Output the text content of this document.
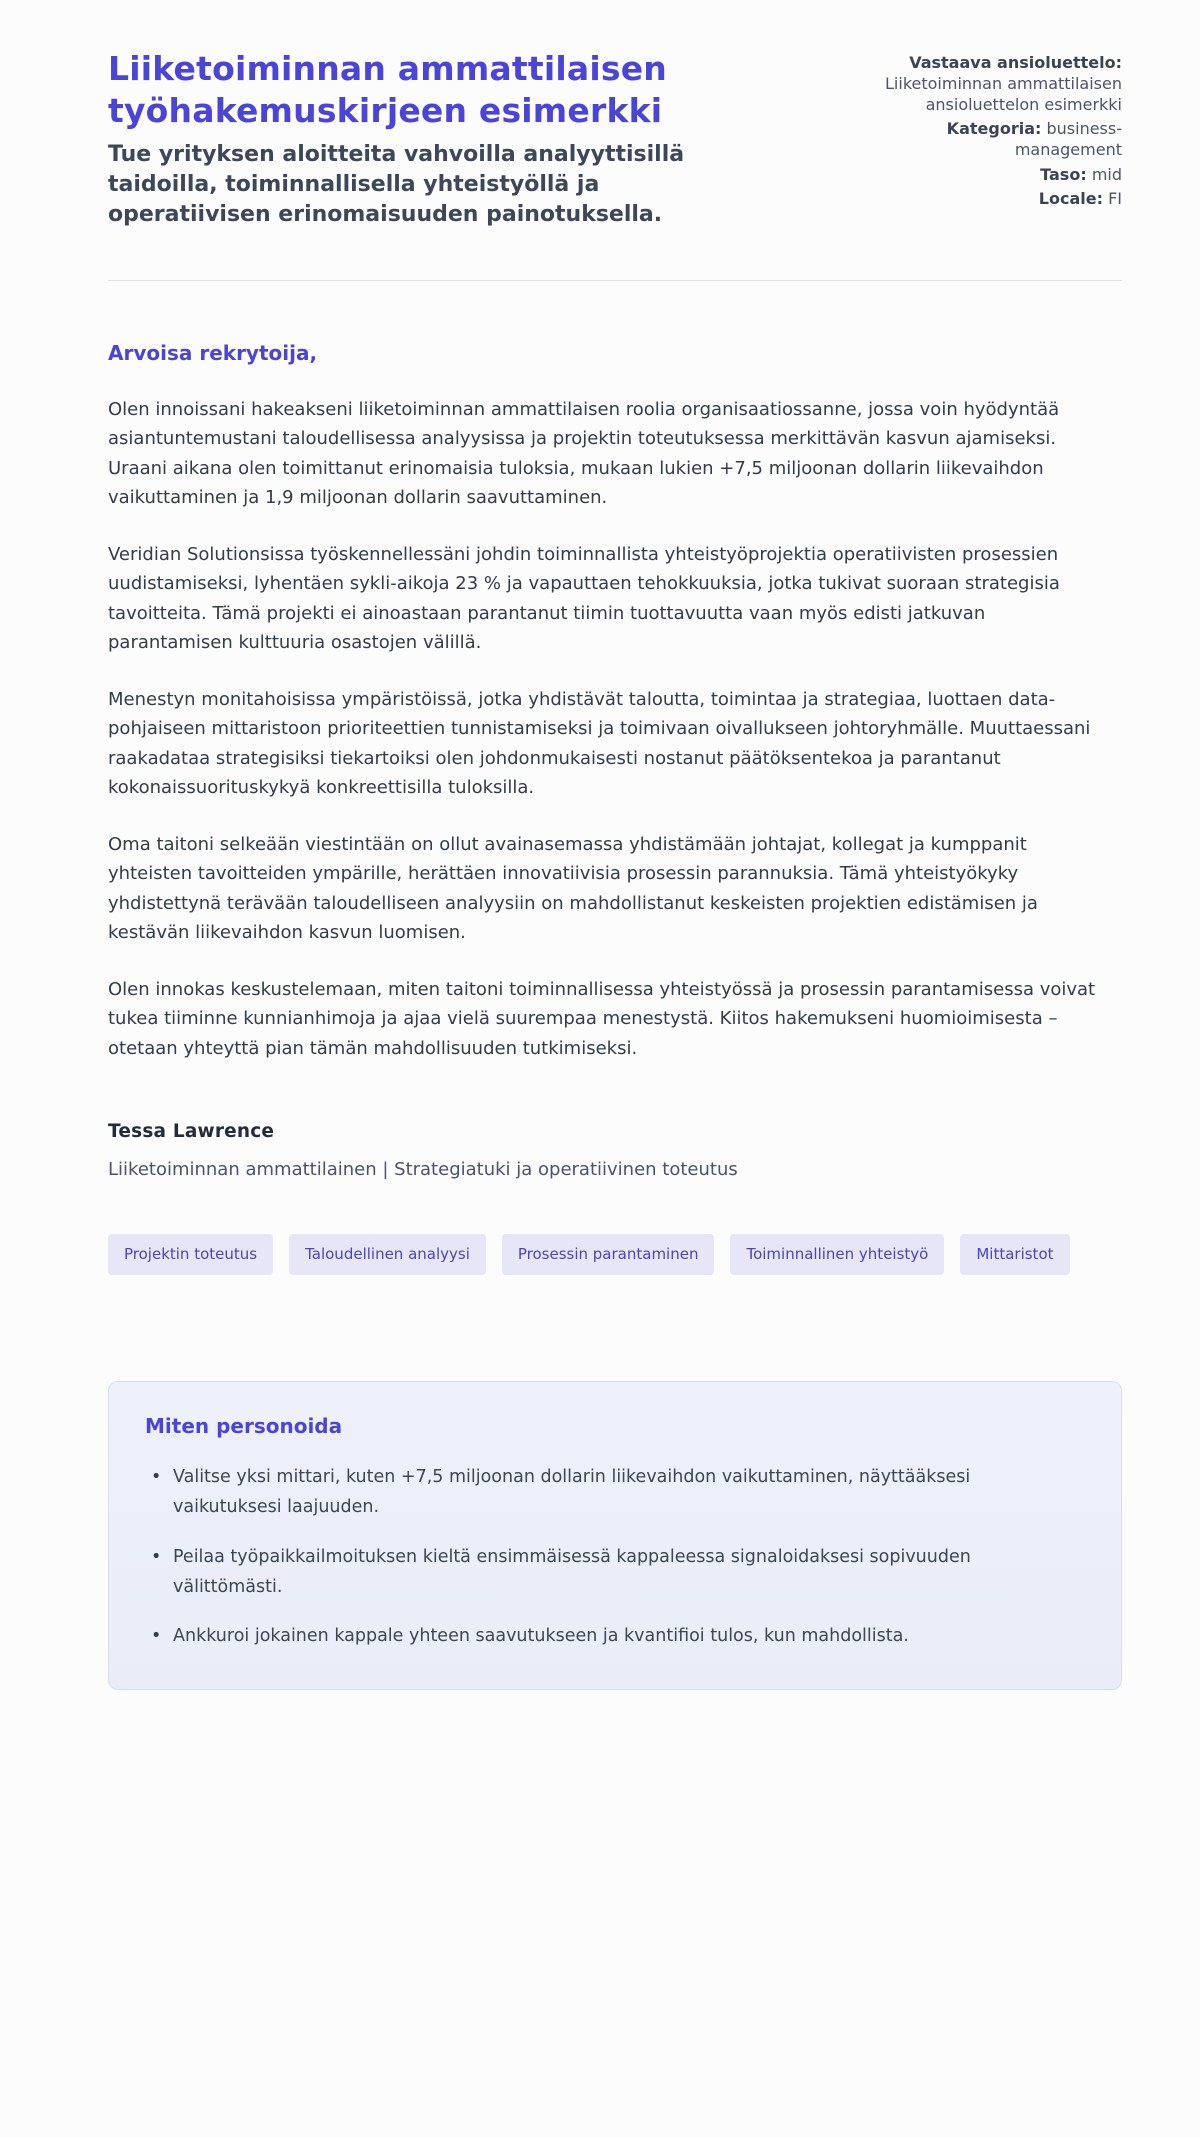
Liiketoiminnan ammattilaisen työhakemuskirjeen esimerkki

Tue yrityksen aloitteita vahvoilla analyyttisillä taidoilla, toiminnallisella yhteistyöllä ja operatiivisen erinomaisuuden painotuksella.

Vastaava ansioluettelo: Liiketoiminnan ammattilaisen ansioluettelon esimerkki
Kategoria: business-management
Taso: mid
Locale: FI

Arvoisa rekrytoija,

Olen innoissani hakeakseni liiketoiminnan ammattilaisen roolia organisaatiossanne, jossa voin hyödyntää asiantuntemustani taloudellisessa analyysissa ja projektin toteutuksessa merkittävän kasvun ajamiseksi. Uraani aikana olen toimittanut erinomaisia tuloksia, mukaan lukien +7,5 miljoonan dollarin liikevaihdon vaikuttaminen ja 1,9 miljoonan dollarin saavuttaminen.

Veridian Solutionsissa työskennellessäni johdin toiminnallista yhteistyöprojektia operatiivisten prosessien uudistamiseksi, lyhentäen sykli-aikoja 23 % ja vapauttaen tehokkuuksia, jotka tukivat suoraan strategisia tavoitteita. Tämä projekti ei ainoastaan parantanut tiimin tuottavuutta vaan myös edisti jatkuvan parantamisen kulttuuria osastojen välillä.

Menestyn monitahoisissa ympäristöissä, jotka yhdistävät taloutta, toimintaa ja strategiaa, luottaen data-pohjaiseen mittaristoon prioriteettien tunnistamiseksi ja toimivaan oivallukseen johtoryhmälle. Muuttaessani raakadataa strategisiksi tiekartoiksi olen johdonmukaisesti nostanut päätöksentekoa ja parantanut kokonaissuorituskykyä konkreettisilla tuloksilla.

Oma taitoni selkeään viestintään on ollut avainasemassa yhdistämään johtajat, kollegat ja kumppanit yhteisten tavoitteiden ympärille, herättäen innovatiivisia prosessin parannuksia. Tämä yhteistyökyky yhdistettynä terävään taloudelliseen analyysiin on mahdollistanut keskeisten projektien edistämisen ja kestävän liikevaihdon kasvun luomisen.

Olen innokas keskustelemaan, miten taitoni toiminnallisessa yhteistyössä ja prosessin parantamisessa voivat tukea tiiminne kunnianhimoja ja ajaa vielä suurempaa menestystä. Kiitos hakemukseni huomioimisesta – otetaan yhteyttä pian tämän mahdollisuuden tutkimiseksi.

Tessa Lawrence

Liiketoiminnan ammattilainen | Strategiatuki ja operatiivinen toteutus

Projektin toteutus	Taloudellinen analyysi	Prosessin parantaminen	Toiminnallinen yhteistyö	Mittaristot
Miten personoida
• Valitse yksi mittari, kuten +7,5 miljoonan dollarin liikevaihdon vaikuttaminen, näyttääksesi vaikutuksesi laajuuden.
• Peilaa työpaikkailmoituksen kieltä ensimmäisessä kappaleessa signaloidaksesi sopivuuden välittömästi.
• Ankkuroi jokainen kappale yhteen saavutukseen ja kvantifioi tulos, kun mahdollista.
